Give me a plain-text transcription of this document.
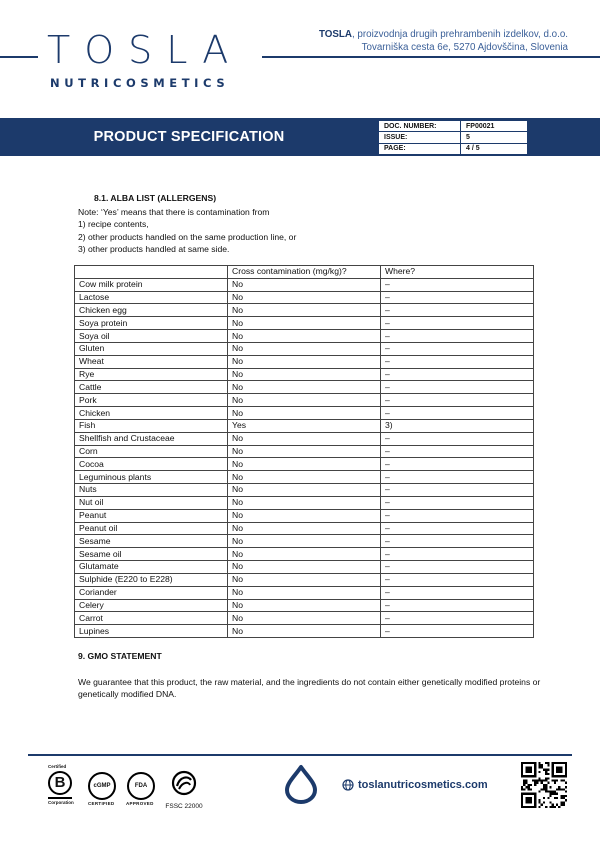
TOSLA
NUTRICOSMETICS
TOSLA, proizvodnja drugih prehrambenih izdelkov, d.o.o.
Tovarniška cesta 6e, 5270 Ajdovščina, Slovenia
PRODUCT SPECIFICATION
DOC. NUMBER:	FP00021
ISSUE:	5
PAGE:	4 / 5
8.1. ALBA LIST (ALLERGENS)
Note: ‘Yes’ means that there is contamination from
1) recipe contents,
2) other products handled on the same production line, or
3) other products handled at same side.
	Cross contamination (mg/kg)?	Where?
Cow milk protein	No	–
Lactose	No	–
Chicken egg	No	–
Soya protein	No	–
Soya oil	No	–
Gluten	No	–
Wheat	No	–
Rye	No	–
Cattle	No	–
Pork	No	–
Chicken	No	–
Fish	Yes	3)
Shellfish and Crustaceae	No	–
Corn	No	–
Cocoa	No	–
Leguminous plants	No	–
Nuts	No	–
Nut oil	No	–
Peanut	No	–
Peanut oil	No	–
Sesame	No	–
Sesame oil	No	–
Glutamate	No	–
Sulphide (E220 to E228)	No	–
Coriander	No	–
Celery	No	–
Carrot	No	–
Lupines	No	–
9. GMO STATEMENT
We guarantee that this product, the raw material, and the ingredients do not contain either genetically modified proteins or genetically modified DNA.
Certified
B
Corporation
cGMP
CERTIFIED
FDA
APPROVED FSSC 22000
toslanutricosmetics.com
